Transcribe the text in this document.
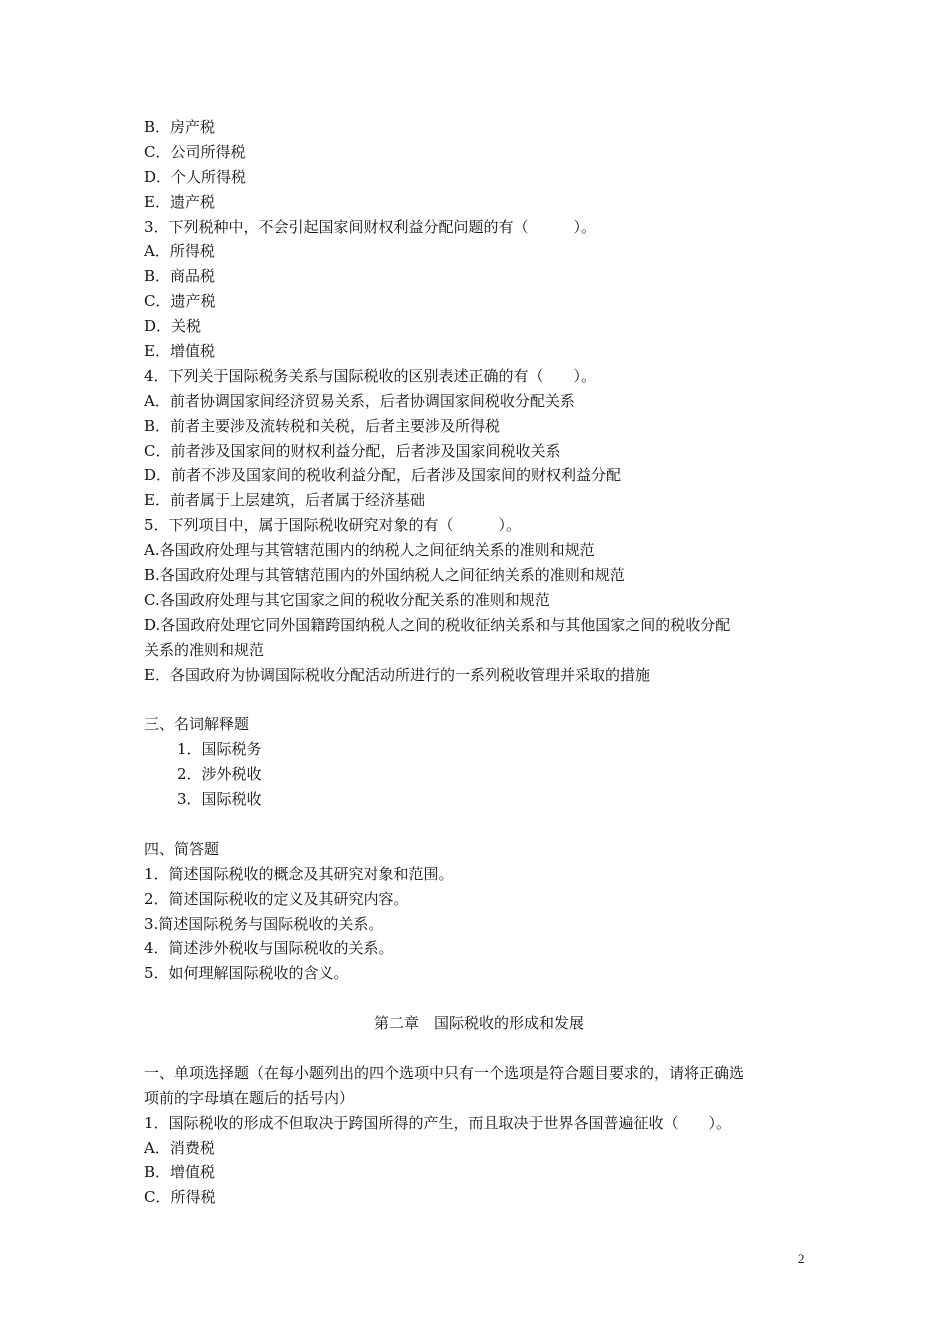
B．房产税
C．公司所得税
D．个人所得税
E．遗产税
3．下列税种中，不会引起国家间财权利益分配问题的有（　　　）。
A．所得税
B．商品税
C．遗产税
D．关税
E．增值税
4．下列关于国际税务关系与国际税收的区别表述正确的有（　　）。
A．前者协调国家间经济贸易关系，后者协调国家间税收分配关系
B．前者主要涉及流转税和关税，后者主要涉及所得税
C．前者涉及国家间的财权利益分配，后者涉及国家间税收关系
D．前者不涉及国家间的税收利益分配，后者涉及国家间的财权利益分配
E．前者属于上层建筑，后者属于经济基础
5．下列项目中，属于国际税收研究对象的有（　　　）。
A.各国政府处理与其管辖范围内的纳税人之间征纳关系的准则和规范
B.各国政府处理与其管辖范围内的外国纳税人之间征纳关系的准则和规范
C.各国政府处理与其它国家之间的税收分配关系的准则和规范
D.各国政府处理它同外国籍跨国纳税人之间的税收征纳关系和与其他国家之间的税收分配
关系的准则和规范
E．各国政府为协调国际税收分配活动所进行的一系列税收管理并采取的措施
三、名词解释题
1．国际税务
2．涉外税收
3．国际税收
四、简答题
1．简述国际税收的概念及其研究对象和范围。
2．简述国际税收的定义及其研究内容。
3.简述国际税务与国际税收的关系。
4．简述涉外税收与国际税收的关系。
5．如何理解国际税收的含义。
第二章　国际税收的形成和发展
一、单项选择题（在每小题列出的四个选项中只有一个选项是符合题目要求的，请将正确选
项前的字母填在题后的括号内）
1．国际税收的形成不但取决于跨国所得的产生，而且取决于世界各国普遍征收（　　）。
A．消费税
B．增值税
C．所得税
2
